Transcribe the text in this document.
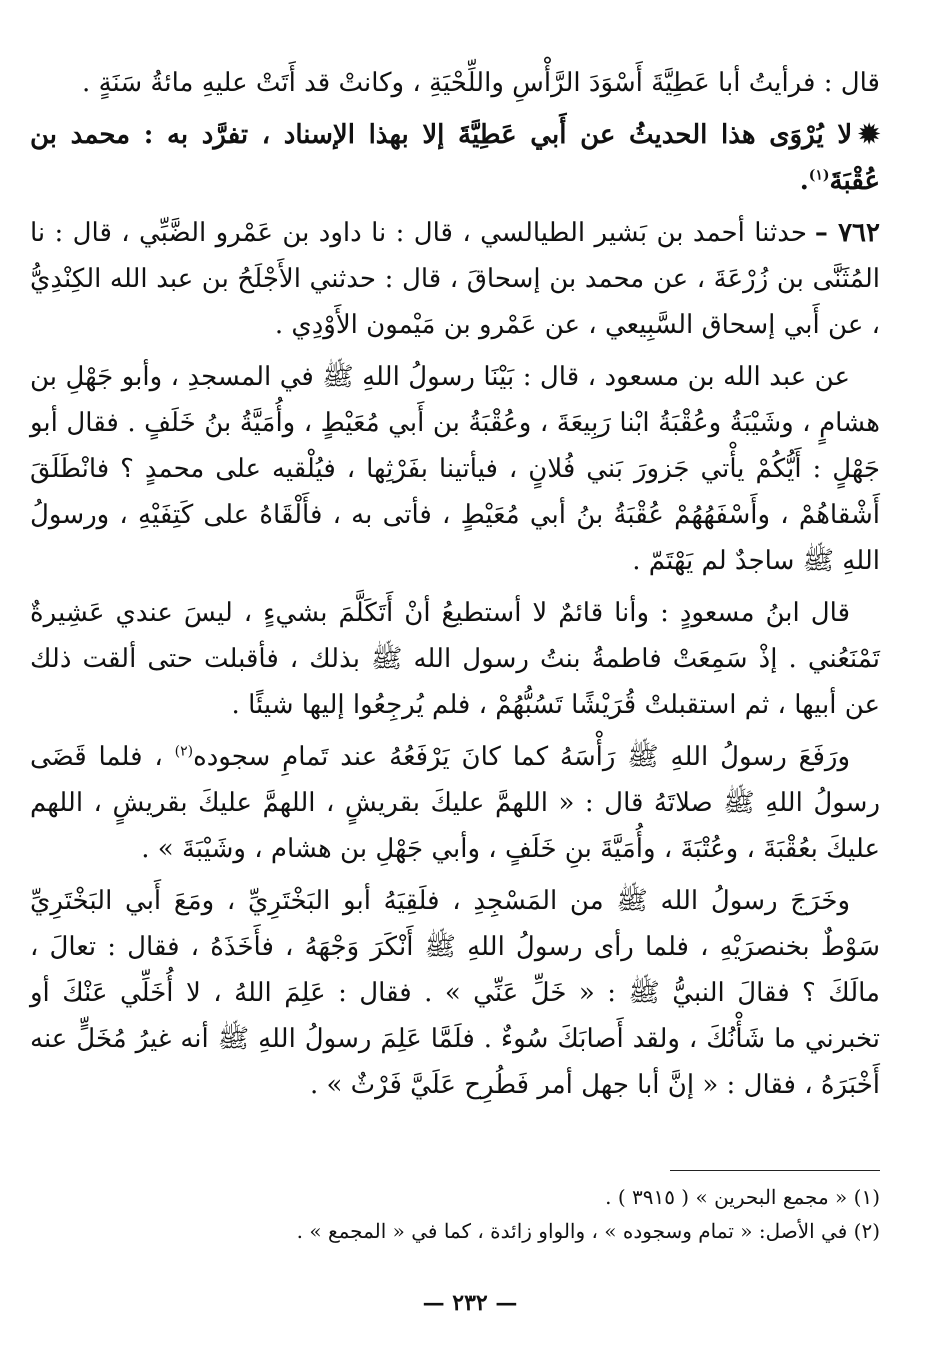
قال : فرأيتُ أبا عَطِيَّةَ أَسْوَدَ الرَّأْسِ واللِّحْيَةِ ، وكانتْ قد أَتَتْ عليهِ مائةُ سَنَةٍ .

✹لا يُرْوَى هذا الحديثُ عن أَبي عَطِيَّةَ إلا بهذا الإسناد ، تفرَّد به : محمد بن عُقْبَةَ$^{(١)}$.

٧٦٢ –حدثنا أحمد بن بَشير الطيالسي ، قال : نا داود بن عَمْرو الضَّبِّي ، قال : نا المُثَنَّى بن زُرْعَةَ ، عن محمد بن إسحاقَ ، قال : حدثني الأَجْلَحُ بن عبد الله الكِنْدِيُّ ، عن أَبي إسحاق السَّبِيعي ، عن عَمْرو بن مَيْمون الأَوْدِي .

عن عبد الله بن مسعود ، قال : بَيْنَا رسولُ اللهِ ﷺ في المسجدِ ، وأبو جَهْلِ بن هشامٍ ، وشَيْبَةُ وعُقْبَةُ ابْنا رَبِيعَةَ ، وعُقْبَةُ بن أَبي مُعَيْطٍ ، وأُمَيَّةُ بنُ خَلَفٍ . فقال أبو جَهْلٍ : أَيُّكُمْ يأْتي جَزورَ بَني فُلانٍ ، فيأتينا بفَرْثِها ، فيُلْقيه على محمدٍ ؟ فانْطَلَقَ أَشْقاهُمْ ، وأَسْفَهُهُمْ عُقْبَةُ بنُ أبي مُعَيْطٍ ، فأتى به ، فأَلْقَاهُ على كَتِفَيْهِ ، ورسولُ اللهِ ﷺ ساجدٌ لم يَهْتَمّ .

قال ابنُ مسعودٍ : وأنا قائمٌ لا أستطيعُ أنْ أَتَكَلَّمَ بشيءٍ ، ليسَ عندي عَشِيرةٌ تَمْنَعُني . إذْ سَمِعَتْ فاطمةُ بنتُ رسول الله ﷺ بذلك ، فأقبلت حتى ألقت ذلك عن أبيها ، ثم استقبلتْ قُرَيْشًا تَسُبُّهُمْ ، فلم يُرجِعُوا إليها شيئًا .

ورَفَعَ رسولُ اللهِ ﷺ رَأْسَهُ كما كانَ يَرْفَعُهُ عند تَمامِ سجوده$^{(٢)}$ ، فلما قَضَى رسولُ اللهِ ﷺ صلاتَهُ قال : « اللهمَّ عليكَ بقريشٍ ، اللهمَّ عليكَ بقريشٍ ، اللهم عليكَ بعُقْبَةَ ، وعُتْبَةَ ، وأُمَيَّةَ بنِ خَلَفٍ ، وأبي جَهْلِ بن هشام ، وشَيْبَةَ » .

وخَرَجَ رسولُ الله ﷺ من المَسْجِدِ ، فلَقِيَهُ أبو البَخْتَرِيِّ ، ومَعَ أَبي البَخْتَرِيِّ سَوْطٌ بخنصرَيْهِ ، فلما رأى رسولُ اللهِ ﷺ أَنْكَرَ وَجْهَهُ ، فأَخَذَهُ ، فقال : تعالَ ، مالَكَ ؟ فقالَ النبيُّ ﷺ : « خَلِّ عَنِّي » . فقال : عَلِمَ اللهُ ، لا أُخَلِّي عَنْكَ أو تخبرني ما شَأْنُكَ ، ولقد أَصابَكَ سُوءٌ . فلَمَّا عَلِمَ رسولُ اللهِ ﷺ أنه غيرُ مُخَلٍّ عنه أَخْبَرَهُ ، فقال : « إنَّ أبا جهل أمر فَطُرِح عَلَيَّ فَرْثٌ » .

(١) « مجمع البحرين » ( ٣٩١٥ ) .

(٢) في الأصل: « تمام وسجوده » ، والواو زائدة ، كما في « المجمع » .

— ٢٣٢ —
